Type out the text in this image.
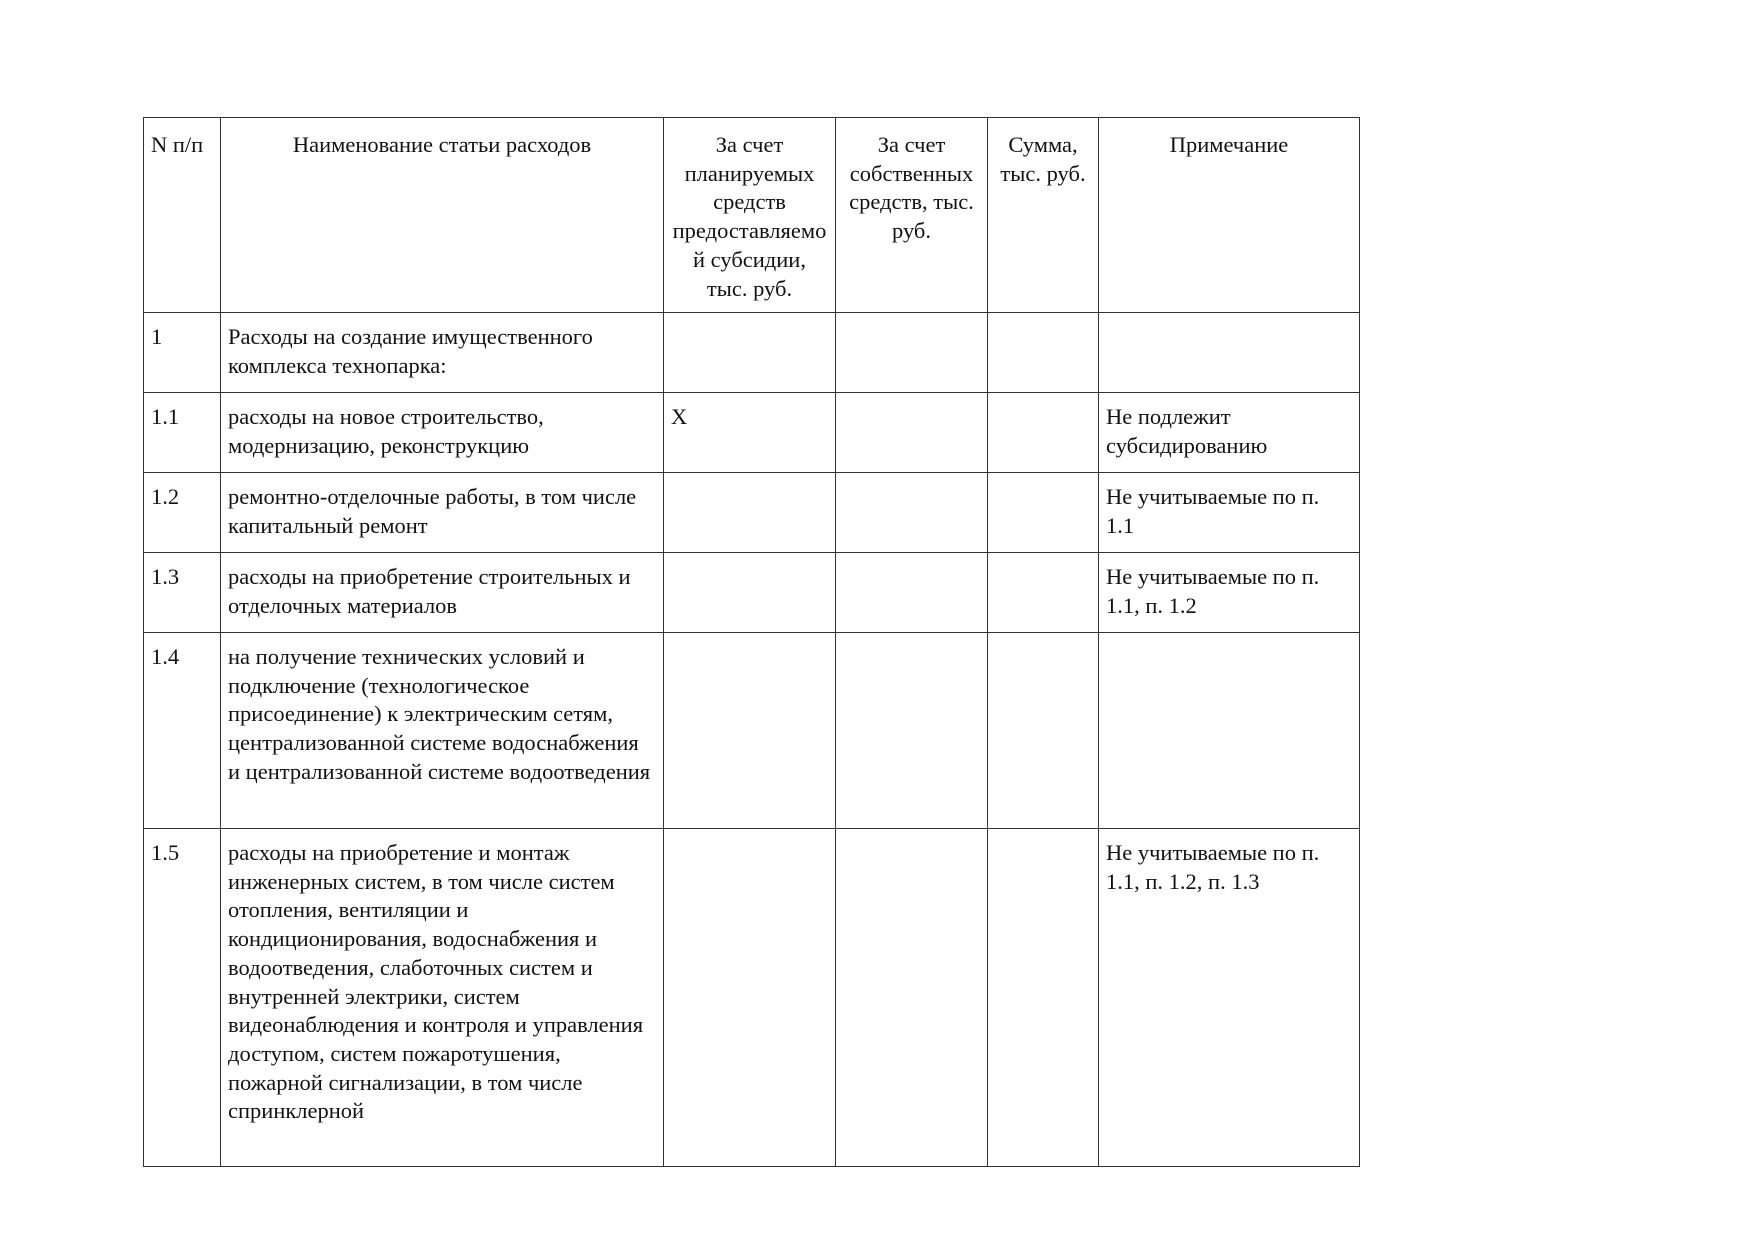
N п/п	Наименование статьи расходов	За счет планируемых средств предоставляемой субсидии, тыс. руб.	За счет собственных средств, тыс. руб.	Сумма, тыс. руб.	Примечание
1	Расходы на создание имущественного комплекса технопарка:				
1.1	расходы на новое строительство, модернизацию, реконструкцию	X			Не подлежит субсидированию
1.2	ремонтно-отделочные работы, в том числе капитальный ремонт				Не учитываемые по п. 1.1
1.3	расходы на приобретение строительных и отделочных материалов				Не учитываемые по п. 1.1, п. 1.2
1.4	на получение технических условий и подключение (технологическое присоединение) к электрическим сетям, централизованной системе водоснабжения и централизованной системе водоотведения				
1.5	расходы на приобретение и монтаж инженерных систем, в том числе систем отопления, вентиляции и кондиционирования, водоснабжения и водоотведения, слаботочных систем и внутренней электрики, систем видеонаблюдения и контроля и управления доступом, систем пожаротушения, пожарной сигнализации, в том числе спринклерной				Не учитываемые по п. 1.1, п. 1.2, п. 1.3
